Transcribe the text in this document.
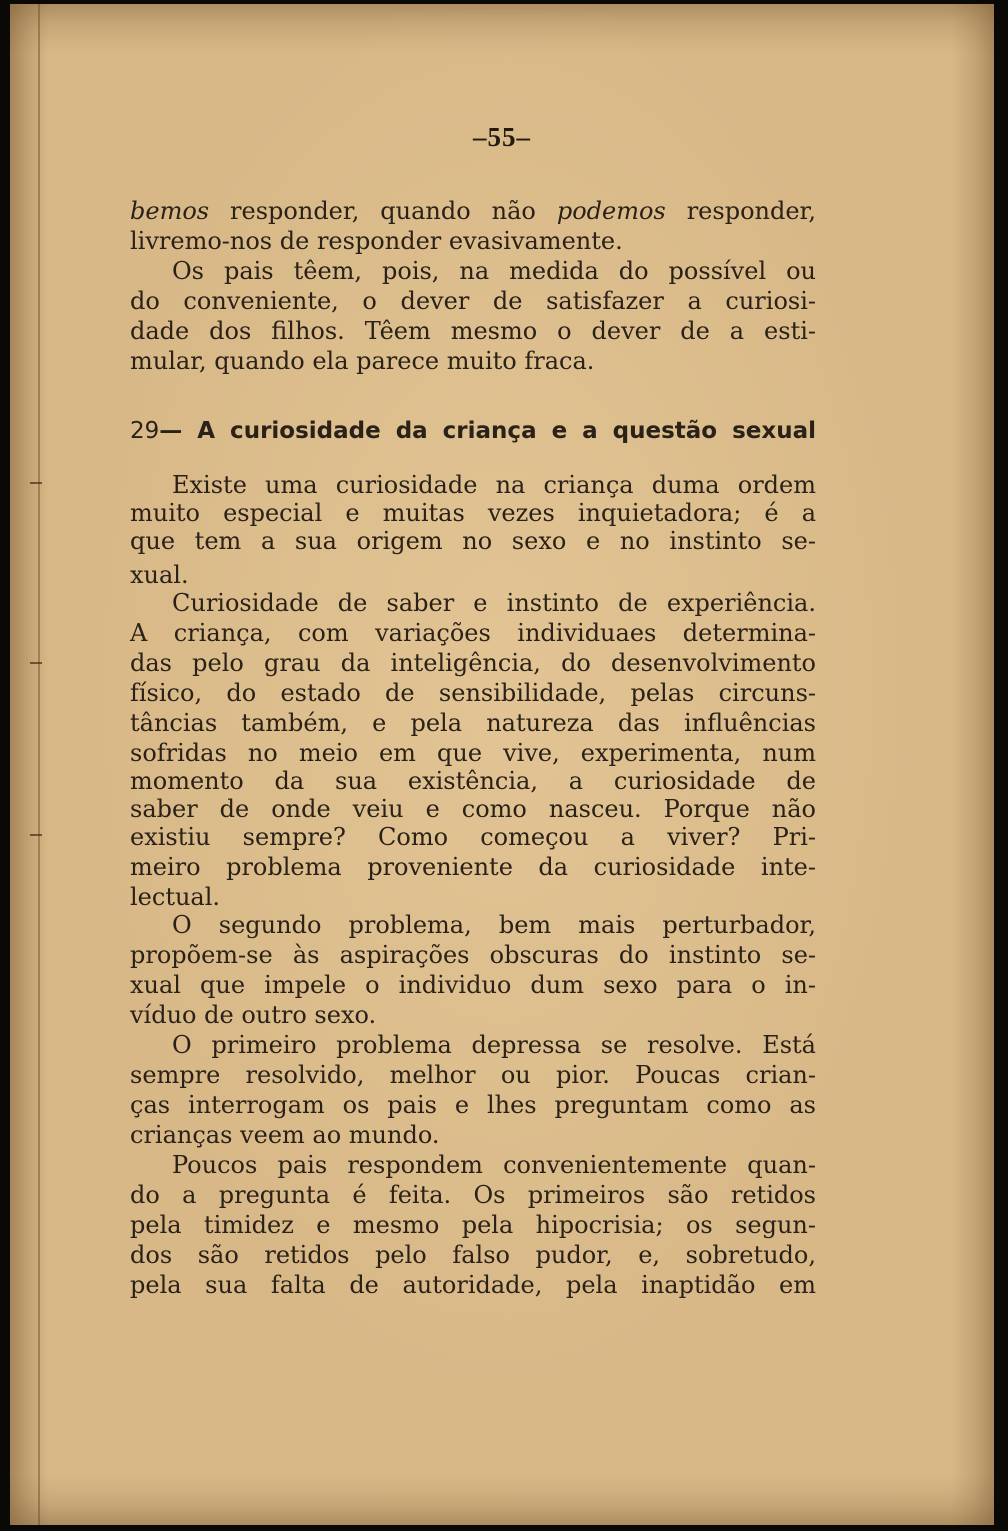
–55–
bemos responder, quando não podemos responder,
livremo-nos de responder evasivamente.
Os pais têem, pois, na medida do possível ou
do conveniente, o dever de satisfazer a curiosi-
dade dos filhos. Têem mesmo o dever de a esti-
mular, quando ela parece muito fraca.
29— A curiosidade da criança e a questão sexual
Existe uma curiosidade na criança duma ordem
muito especial e muitas vezes inquietadora; é a
que tem a sua origem no sexo e no instinto se-
xual.
Curiosidade de saber e instinto de experiência.
A criança, com variações individuaes determina-
das pelo grau da inteligência, do desenvolvimento
físico, do estado de sensibilidade, pelas circuns-
tâncias também, e pela natureza das influências
sofridas no meio em que vive, experimenta, num
momento da sua existência, a curiosidade de
saber de onde veiu e como nasceu. Porque não
existiu sempre? Como começou a viver? Pri-
meiro problema proveniente da curiosidade inte-
lectual.
O segundo problema, bem mais perturbador,
propõem-se às aspirações obscuras do instinto se-
xual que impele o individuo dum sexo para o in-
víduo de outro sexo.
O primeiro problema depressa se resolve. Está
sempre resolvido, melhor ou pior. Poucas crian-
ças interrogam os pais e lhes preguntam como as
crianças veem ao mundo.
Poucos pais respondem convenientemente quan-
do a pregunta é feita. Os primeiros são retidos
pela timidez e mesmo pela hipocrisia; os segun-
dos são retidos pelo falso pudor, e, sobretudo,
pela sua falta de autoridade, pela inaptidão em
